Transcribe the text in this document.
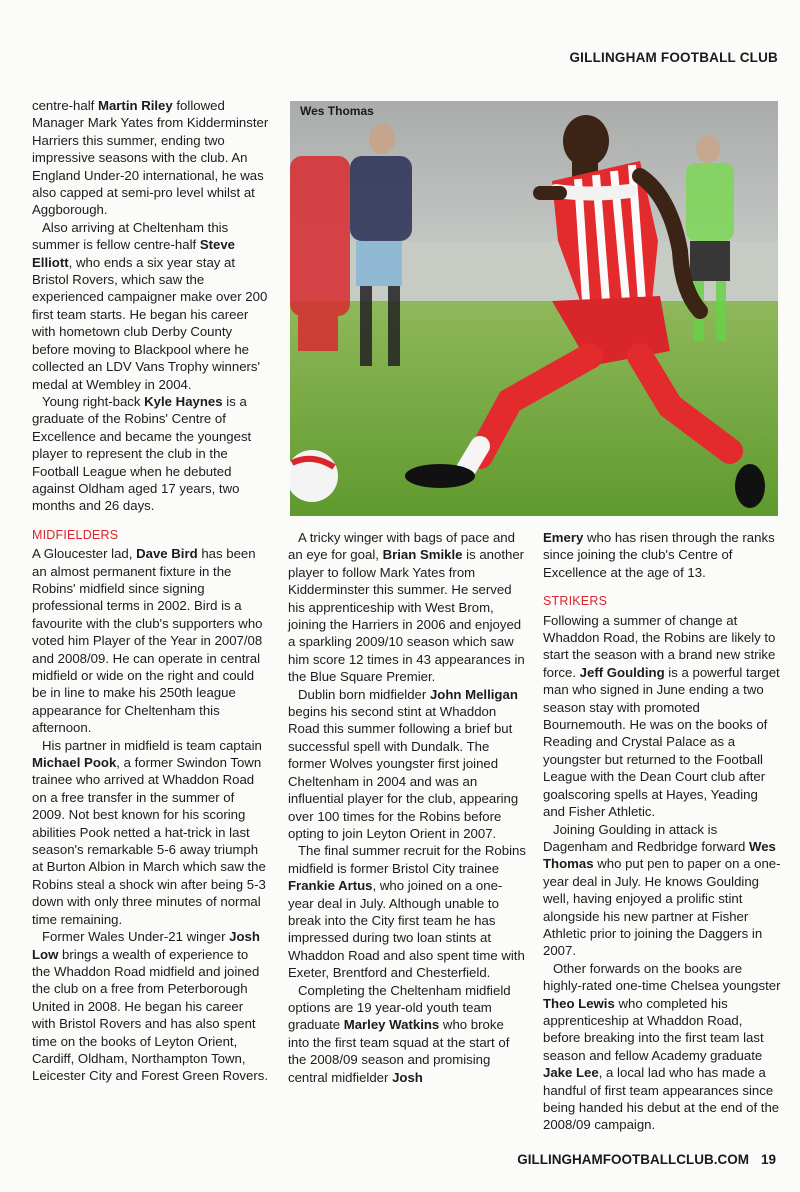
GILLINGHAM FOOTBALL CLUB

centre-half Martin Riley followed Manager Mark Yates from Kidderminster Harriers this summer, ending two impressive seasons with the club. An England Under-20 international, he was also capped at semi-pro level whilst at Aggborough.

Also arriving at Cheltenham this summer is fellow centre-half Steve Elliott, who ends a six year stay at Bristol Rovers, which saw the experienced campaigner make over 200 first team starts. He began his career with hometown club Derby County before moving to Blackpool where he collected an LDV Vans Trophy winners' medal at Wembley in 2004.

Young right-back Kyle Haynes is a graduate of the Robins' Centre of Excellence and became the youngest player to represent the club in the Football League when he debuted against Oldham aged 17 years, two months and 26 days.

MIDFIELDERS

A Gloucester lad, Dave Bird has been an almost permanent fixture in the Robins' midfield since signing professional terms in 2002. Bird is a favourite with the club's supporters who voted him Player of the Year in 2007/08 and 2008/09. He can operate in central midfield or wide on the right and could be in line to make his 250th league appearance for Cheltenham this afternoon.

His partner in midfield is team captain Michael Pook, a former Swindon Town trainee who arrived at Whaddon Road on a free transfer in the summer of 2009. Not best known for his scoring abilities Pook netted a hat-trick in last season's remarkable 5-6 away triumph at Burton Albion in March which saw the Robins steal a shock win after being 5-3 down with only three minutes of normal time remaining.

Former Wales Under-21 winger Josh Low brings a wealth of experience to the Whaddon Road midfield and joined the club on a free from Peterborough United in 2008. He began his career with Bristol Rovers and has also spent time on the books of Leyton Orient, Cardiff, Oldham, Northampton Town, Leicester City and Forest Green Rovers.

Wes Thomas

A tricky winger with bags of pace and an eye for goal, Brian Smikle is another player to follow Mark Yates from Kidderminster this summer. He served his apprenticeship with West Brom, joining the Harriers in 2006 and enjoyed a sparkling 2009/10 season which saw him score 12 times in 43 appearances in the Blue Square Premier.

Dublin born midfielder John Melligan begins his second stint at Whaddon Road this summer following a brief but successful spell with Dundalk. The former Wolves youngster first joined Cheltenham in 2004 and was an influential player for the club, appearing over 100 times for the Robins before opting to join Leyton Orient in 2007.

The final summer recruit for the Robins midfield is former Bristol City trainee Frankie Artus, who joined on a one-year deal in July. Although unable to break into the City first team he has impressed during two loan stints at Whaddon Road and also spent time with Exeter, Brentford and Chesterfield.

Completing the Cheltenham midfield options are 19 year-old youth team graduate Marley Watkins who broke into the first team squad at the start of the 2008/09 season and promising central midfielder Josh

Emery who has risen through the ranks since joining the club's Centre of Excellence at the age of 13.

STRIKERS

Following a summer of change at Whaddon Road, the Robins are likely to start the season with a brand new strike force. Jeff Goulding is a powerful target man who signed in June ending a two season stay with promoted Bournemouth. He was on the books of Reading and Crystal Palace as a youngster but returned to the Football League with the Dean Court club after goalscoring spells at Hayes, Yeading and Fisher Athletic.

Joining Goulding in attack is Dagenham and Redbridge forward Wes Thomas who put pen to paper on a one-year deal in July. He knows Goulding well, having enjoyed a prolific stint alongside his new partner at Fisher Athletic prior to joining the Daggers in 2007.

Other forwards on the books are highly-rated one-time Chelsea youngster Theo Lewis who completed his apprenticeship at Whaddon Road, before breaking into the first team last season and fellow Academy graduate Jake Lee, a local lad who has made a handful of first team appearances since being handed his debut at the end of the 2008/09 campaign.

GILLINGHAMFOOTBALLCLUB.COM 19
